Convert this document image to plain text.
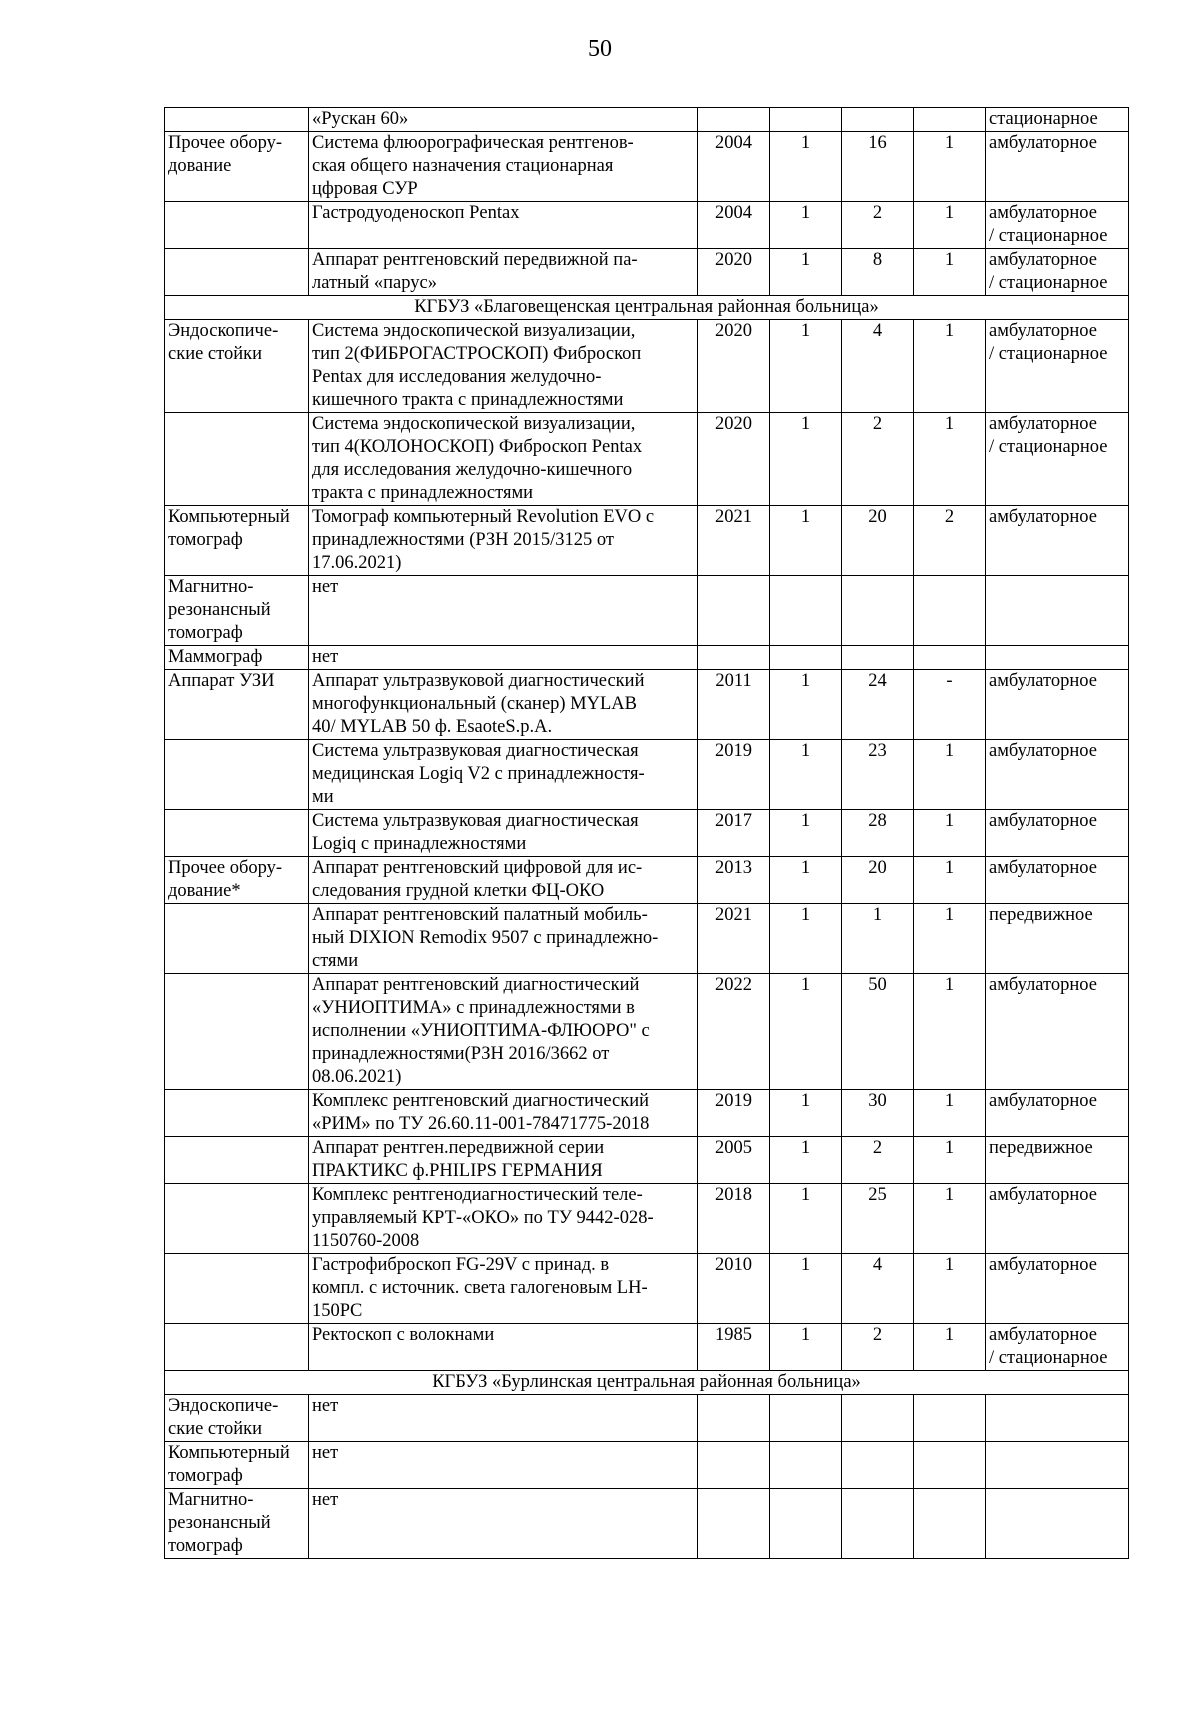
50
	«Рускан 60»					стационарное
Прочее обору-
дование	Система флюорографическая рентгенов-
ская общего назначения стационарная
цфровая СУР	2004	1	16	1	амбулаторное
	Гастродуоденоскоп Pentax	2004	1	2	1	амбулаторное
/ стационарное
	Аппарат рентгеновский передвижной па-
латный «парус»	2020	1	8	1	амбулаторное
/ стационарное
КГБУЗ «Благовещенская центральная районная больница»						
Эндоскопиче-
ские стойки	Система эндоскопической визуализации,
тип 2(ФИБРОГАСТРОСКОП) Фиброскоп
Pentax для исследования желудочно-
кишечного тракта с принадлежностями	2020	1	4	1	амбулаторное
/ стационарное
	Система эндоскопической визуализации,
тип 4(КОЛОНОСКОП) Фиброскоп Pentax
для исследования желудочно-кишечного
тракта с принадлежностями	2020	1	2	1	амбулаторное
/ стационарное
Компьютерный
томограф	Томограф компьютерный Revolution EVO с
принадлежностями (РЗН 2015/3125 от
17.06.2021)	2021	1	20	2	амбулаторное
Магнитно-
резонансный
томограф	нет					
Маммограф	нет					
Аппарат УЗИ	Аппарат ультразвуковой диагностический
многофункциональный (сканер) MYLAB
40/ MYLAB 50 ф. EsaoteS.p.A.	2011	1	24	-	амбулаторное
	Система ультразвуковая диагностическая
медицинская Logiq V2 с принадлежностя-
ми	2019	1	23	1	амбулаторное
	Система ультразвуковая диагностическая
Logiq с принадлежностями	2017	1	28	1	амбулаторное
Прочее обору-
дование*	Аппарат рентгеновский цифровой для ис-
следования грудной клетки ФЦ-ОКО	2013	1	20	1	амбулаторное
	Аппарат рентгеновский палатный мобиль-
ный DIXION Remodix 9507 с принадлежно-
стями	2021	1	1	1	передвижное
	Аппарат рентгеновский диагностический
«УНИОПТИМА» с принадлежностями в
исполнении «УНИОПТИМА-ФЛЮОРО" с
принадлежностями(РЗН 2016/3662 от
08.06.2021)	2022	1	50	1	амбулаторное
	Комплекс рентгеновский диагностический
«РИМ» по ТУ 26.60.11-001-78471775-2018	2019	1	30	1	амбулаторное
	Аппарат рентген.передвижной серии
ПРАКТИКС ф.PHILIPS ГЕРМАНИЯ	2005	1	2	1	передвижное
	Комплекс рентгенодиагностический теле-
управляемый КРТ-«ОКО» по ТУ 9442-028-
1150760-2008	2018	1	25	1	амбулаторное
	Гастрофиброскоп FG-29V с принад. в
компл. с источник. света галогеновым LH-
150PC	2010	1	4	1	амбулаторное
	Ректоскоп с волокнами	1985	1	2	1	амбулаторное
/ стационарное
КГБУЗ «Бурлинская центральная районная больница»						
Эндоскопиче-
ские стойки	нет					
Компьютерный
томограф	нет					
Магнитно-
резонансный
томограф	нет					
